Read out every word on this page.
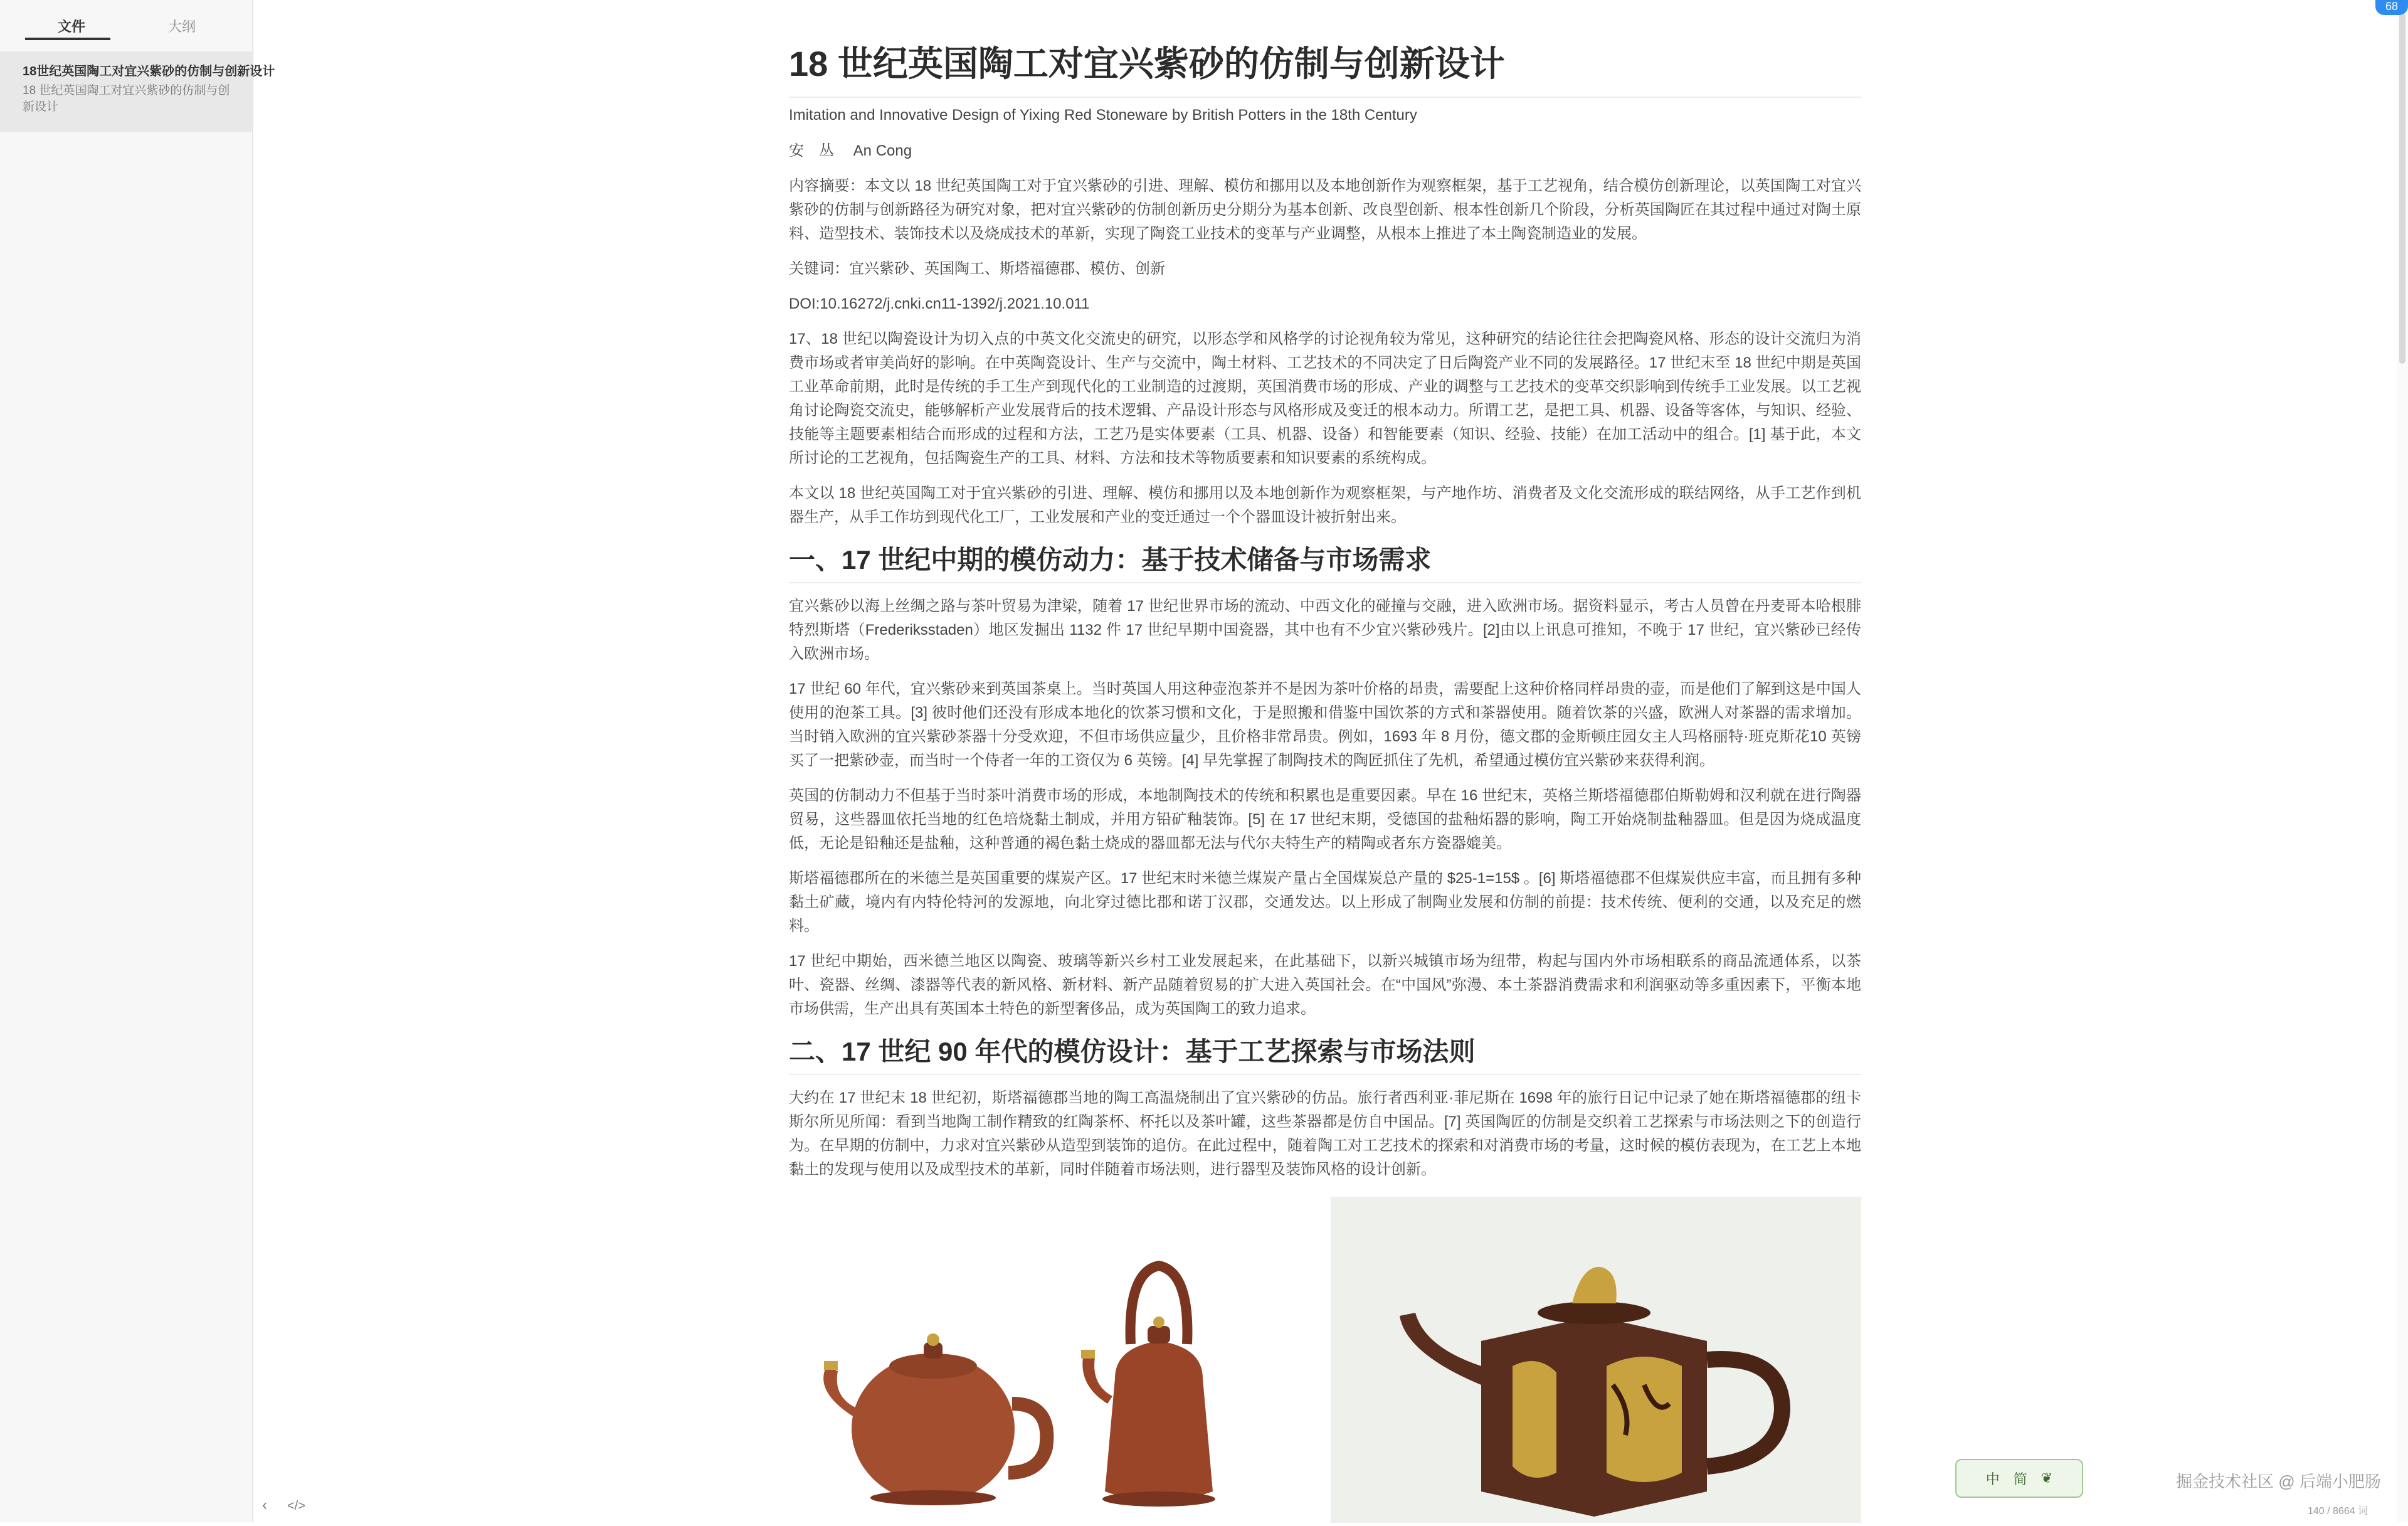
文件	大纲
18世纪英国陶工对宜兴紫砂的仿制与创新设计
18 世纪英国陶工对宜兴紫砂的仿制与创新设计
‹ </>
18 世纪英国陶工对宜兴紫砂的仿制与创新设计
Imitation and Innovative Design of Yixing Red Stoneware by British Potters in the 18th Century

安　丛　 An Cong

内容摘要：本文以 18 世纪英国陶工对于宜兴紫砂的引进、理解、模仿和挪用以及本地创新作为观察框架，基于工艺视角，结合模仿创新理论，以英国陶工对宜兴紫砂的仿制与创新路径为研究对象，把对宜兴紫砂的仿制创新历史分期分为基本创新、改良型创新、根本性创新几个阶段，分析英国陶匠在其过程中通过对陶土原料、造型技术、装饰技术以及烧成技术的革新，实现了陶瓷工业技术的变革与产业调整，从根本上推进了本土陶瓷制造业的发展。

关键词：宜兴紫砂、英国陶工、斯塔福德郡、模仿、创新

DOI:10.16272/j.cnki.cn11-1392/j.2021.10.011

17、18 世纪以陶瓷设计为切入点的中英文化交流史的研究，以形态学和风格学的讨论视角较为常见，这种研究的结论往往会把陶瓷风格、形态的设计交流归为消费市场或者审美尚好的影响。在中英陶瓷设计、生产与交流中，陶土材料、工艺技术的不同决定了日后陶瓷产业不同的发展路径。17 世纪末至 18 世纪中期是英国工业革命前期，此时是传统的手工生产到现代化的工业制造的过渡期，英国消费市场的形成、产业的调整与工艺技术的变革交织影响到传统手工业发展。以工艺视角讨论陶瓷交流史，能够解析产业发展背后的技术逻辑、产品设计形态与风格形成及变迁的根本动力。所谓工艺，是把工具、机器、设备等客体，与知识、经验、技能等主题要素相结合而形成的过程和方法，工艺乃是实体要素（工具、机器、设备）和智能要素（知识、经验、技能）在加工活动中的组合。[1] 基于此，本文所讨论的工艺视角，包括陶瓷生产的工具、材料、方法和技术等物质要素和知识要素的系统构成。

本文以 18 世纪英国陶工对于宜兴紫砂的引进、理解、模仿和挪用以及本地创新作为观察框架，与产地作坊、消费者及文化交流形成的联结网络，从手工艺作到机器生产，从手工作坊到现代化工厂，工业发展和产业的变迁通过一个个器皿设计被折射出来。

一、17 世纪中期的模仿动力：基于技术储备与市场需求

宜兴紫砂以海上丝绸之路与茶叶贸易为津梁，随着 17 世纪世界市场的流动、中西文化的碰撞与交融，进入欧洲市场。据资料显示，考古人员曾在丹麦哥本哈根腓特烈斯塔（Frederiksstaden）地区发掘出 1132 件 17 世纪早期中国瓷器，其中也有不少宜兴紫砂残片。[2]由以上讯息可推知，不晚于 17 世纪，宜兴紫砂已经传入欧洲市场。

17 世纪 60 年代，宜兴紫砂来到英国茶桌上。当时英国人用这种壶泡茶并不是因为茶叶价格的昂贵，需要配上这种价格同样昂贵的壶，而是他们了解到这是中国人使用的泡茶工具。[3] 彼时他们还没有形成本地化的饮茶习惯和文化，于是照搬和借鉴中国饮茶的方式和茶器使用。随着饮茶的兴盛，欧洲人对茶器的需求增加。当时销入欧洲的宜兴紫砂茶器十分受欢迎，不但市场供应量少，且价格非常昂贵。例如，1693 年 8 月份，德文郡的金斯顿庄园女主人玛格丽特·班克斯花10 英镑买了一把紫砂壶，而当时一个侍者一年的工资仅为 6 英镑。[4] 早先掌握了制陶技术的陶匠抓住了先机，希望通过模仿宜兴紫砂来获得利润。

英国的仿制动力不但基于当时茶叶消费市场的形成，本地制陶技术的传统和积累也是重要因素。早在 16 世纪末，英格兰斯塔福德郡伯斯勒姆和汉利就在进行陶器贸易，这些器皿依托当地的红色培烧黏土制成，并用方铅矿釉装饰。[5] 在 17 世纪末期，受德国的盐釉炻器的影响，陶工开始烧制盐釉器皿。但是因为烧成温度低，无论是铅釉还是盐釉，这种普通的褐色黏土烧成的器皿都无法与代尔夫特生产的精陶或者东方瓷器媲美。

斯塔福德郡所在的米德兰是英国重要的煤炭产区。17 世纪末时米德兰煤炭产量占全国煤炭总产量的 $25-1=15$ 。[6] 斯塔福德郡不但煤炭供应丰富，而且拥有多种黏土矿藏，境内有内特伦特河的发源地，向北穿过德比郡和诺丁汉郡，交通发达。以上形成了制陶业发展和仿制的前提：技术传统、便利的交通，以及充足的燃料。

17 世纪中期始，西米德兰地区以陶瓷、玻璃等新兴乡村工业发展起来，在此基础下，以新兴城镇市场为纽带，构起与国内外市场相联系的商品流通体系，以茶叶、瓷器、丝绸、漆器等代表的新风格、新材料、新产品随着贸易的扩大进入英国社会。在“中国风”弥漫、本土茶器消费需求和利润驱动等多重因素下，平衡本地市场供需，生产出具有英国本土特色的新型奢侈品，成为英国陶工的致力追求。

二、17 世纪 90 年代的模仿设计：基于工艺探索与市场法则

大约在 17 世纪末 18 世纪初，斯塔福德郡当地的陶工高温烧制出了宜兴紫砂的仿品。旅行者西利亚·菲尼斯在 1698 年的旅行日记中记录了她在斯塔福德郡的纽卡斯尔所见所闻：看到当地陶工制作精致的红陶茶杯、杯托以及茶叶罐，这些茶器都是仿自中国品。[7] 英国陶匠的仿制是交织着工艺探索与市场法则之下的创造行为。在早期的仿制中，力求对宜兴紫砂从造型到装饰的追仿。在此过程中，随着陶工对工艺技术的探索和对消费市场的考量，这时候的模仿表现为，在工艺上本地黏土的发现与使用以及成型技术的革新，同时伴随着市场法则，进行器型及装饰风格的设计创新。

68
中 简 ❦	掘金技术社区 @ 后端小肥肠
140 / 8664 词
